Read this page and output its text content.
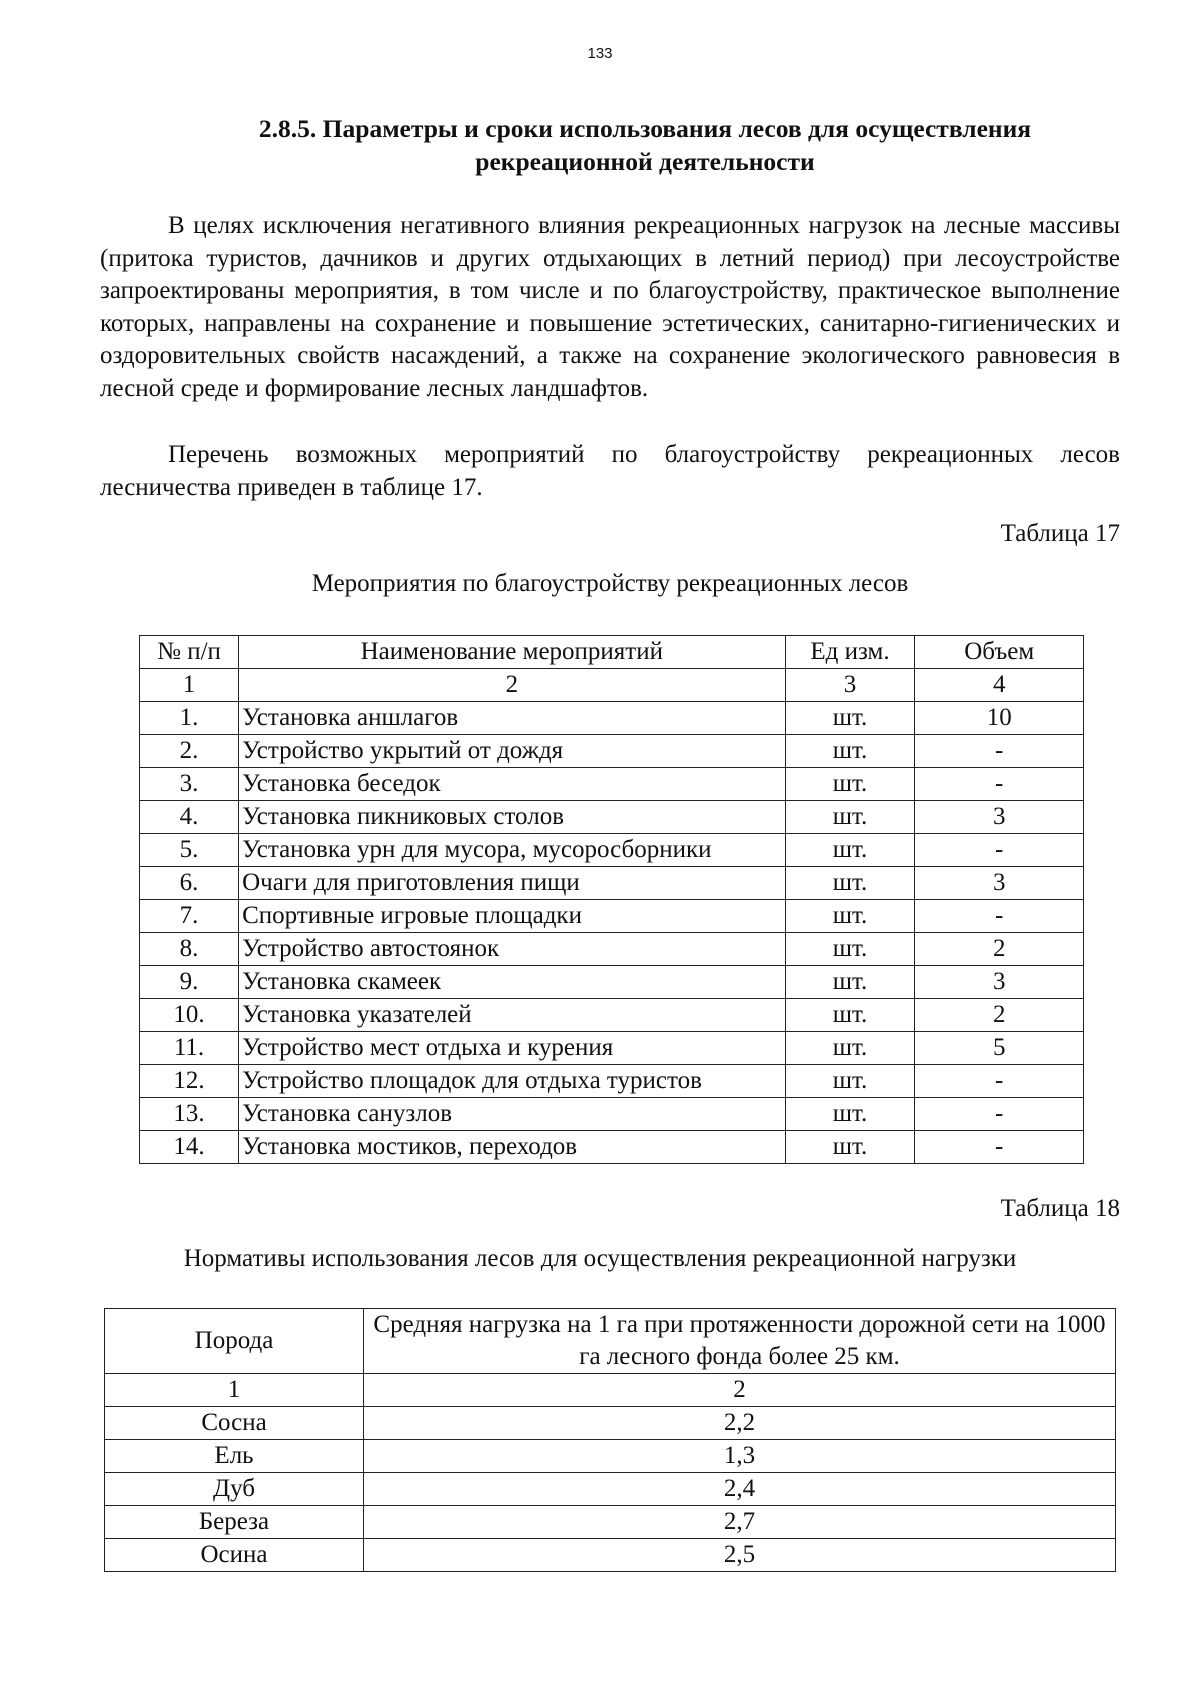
133
2.8.5. Параметры и сроки использования лесов для осуществления
рекреационной деятельности

В целях исключения негативного влияния рекреационных нагрузок на лесные массивы (притока туристов, дачников и других отдыхающих в летний период) при лесоустройстве запроектированы мероприятия, в том числе и по благоустройству, практическое выполнение которых, направлены на сохранение и повышение эстетических, санитарно-гигиенических и оздоровительных свойств насаждений, а также на сохранение экологического равновесия в лесной среде и формирование лесных ландшафтов.

Перечень возможных мероприятий по благоустройству рекреационных лесов лесничества приведен в таблице 17.

Таблица 17
Мероприятия по благоустройству рекреационных лесов
№ п/п	Наименование мероприятий	Ед изм.	Объем
1	2	3	4
1.	Установка аншлагов	шт.	10
2.	Устройство укрытий от дождя	шт.	-
3.	Установка беседок	шт.	-
4.	Установка пикниковых столов	шт.	3
5.	Установка урн для мусора, мусоросборники	шт.	-
6.	Очаги для приготовления пищи	шт.	3
7.	Спортивные игровые площадки	шт.	-
8.	Устройство автостоянок	шт.	2
9.	Установка скамеек	шт.	3
10.	Установка указателей	шт.	2
11.	Устройство мест отдыха и курения	шт.	5
12.	Устройство площадок для отдыха туристов	шт.	-
13.	Установка санузлов	шт.	-
14.	Установка мостиков, переходов	шт.	-
Таблица 18
Нормативы использования лесов для осуществления рекреационной нагрузки
Порода	Средняя нагрузка на 1 га при протяженности дорожной сети на 1000 га лесного фонда более 25 км.
1	2
Сосна	2,2
Ель	1,3
Дуб	2,4
Береза	2,7
Осина	2,5
